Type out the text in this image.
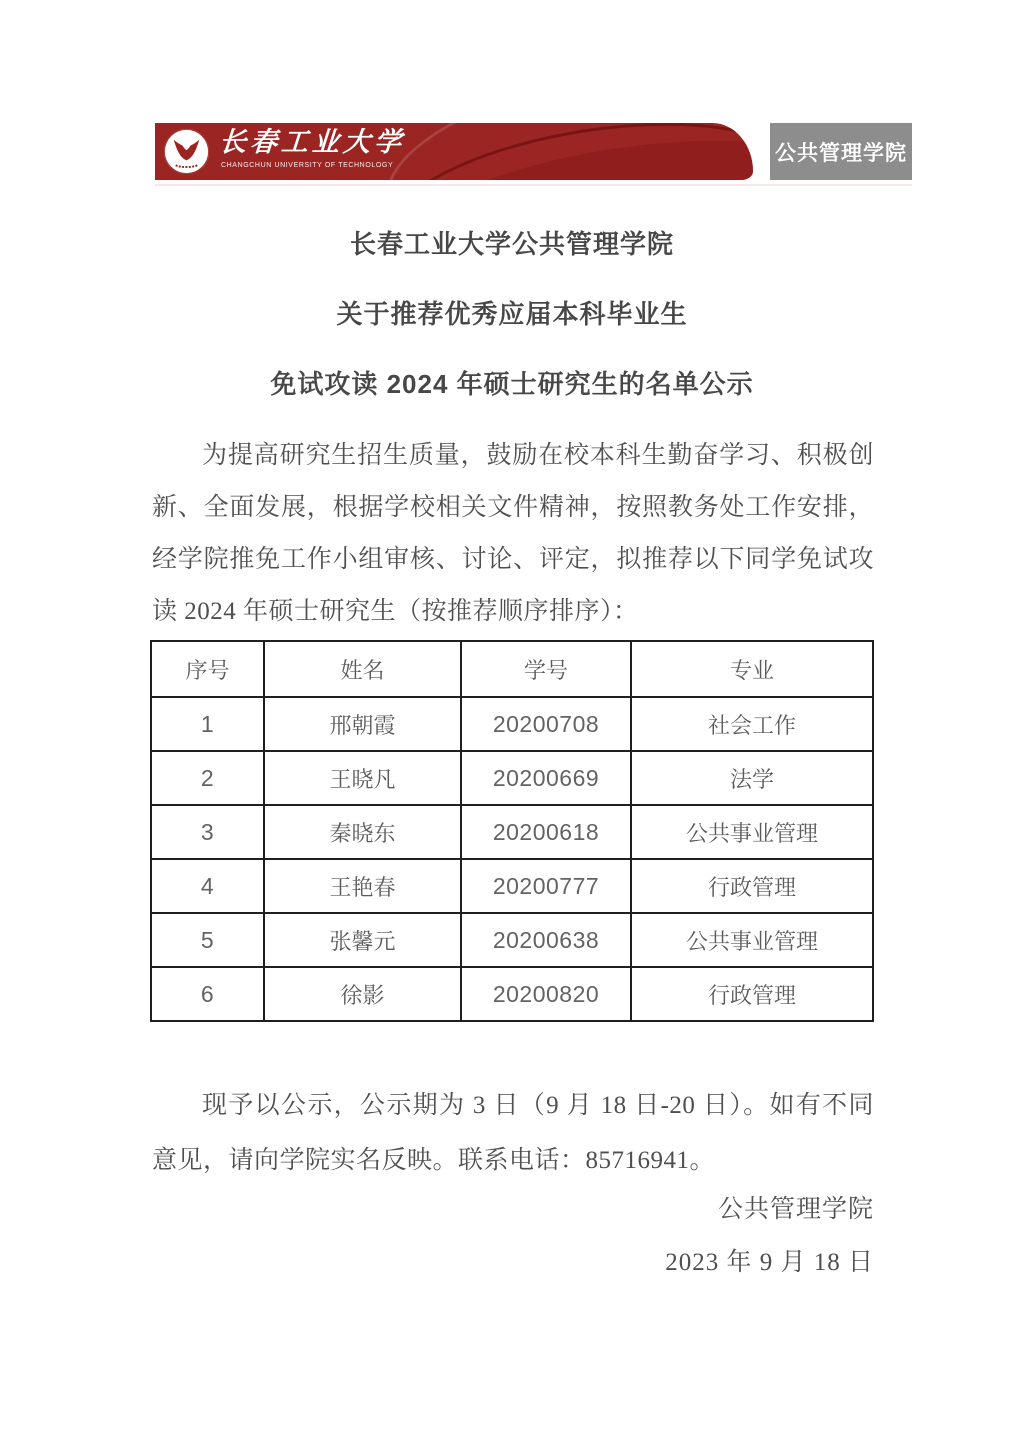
长春工业大学
CHANGCHUN UNIVERSITY OF TECHNOLOGY
公共管理学院
长春工业大学公共管理学院
关于推荐优秀应届本科毕业生
免试攻读 2024 年硕士研究生的名单公示

为提高研究生招生质量，鼓励在校本科生勤奋学习、积极创新、全面发展，根据学校相关文件精神，按照教务处工作安排，经学院推免工作小组审核、讨论、评定，拟推荐以下同学免试攻读 2024 年硕士研究生（按推荐顺序排序）：

序号	姓名	学号	专业
1	邢朝霞	20200708	社会工作
2	王晓凡	20200669	法学
3	秦晓东	20200618	公共事业管理
4	王艳春	20200777	行政管理
5	张馨元	20200638	公共事业管理
6	徐影	20200820	行政管理

现予以公示，公示期为 3 日（9 月 18 日-20 日）。如有不同意见，请向学院实名反映。联系电话：85716941。

公共管理学院
2023 年 9 月 18 日
